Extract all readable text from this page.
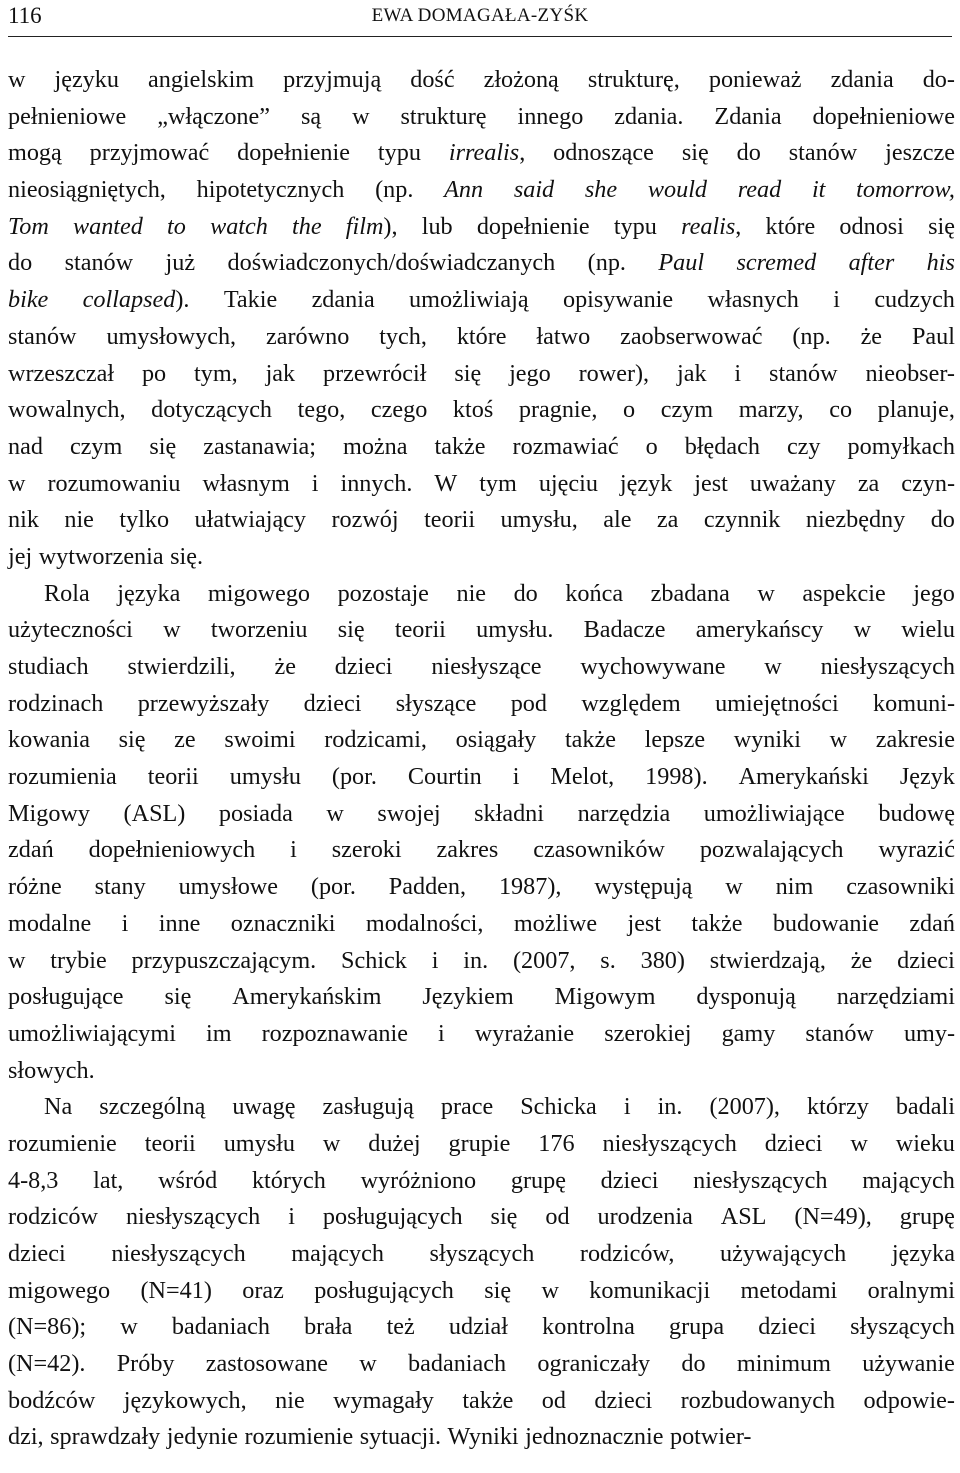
116	EWA DOMAGAŁA-ZYŚK
w języku angielskim przyjmują dość złożoną strukturę, ponieważ zdania do-
pełnieniowe „włączone” są w strukturę innego zdania. Zdania dopełnieniowe
mogą przyjmować dopełnienie typu irrealis, odnoszące się do stanów jeszcze
nieosiągniętych, hipotetycznych (np. Ann said she would read it tomorrow,
Tom wanted to watch the film), lub dopełnienie typu realis, które odnosi się
do stanów już doświadczonych/doświadczanych (np. Paul scremed after his
bike collapsed). Takie zdania umożliwiają opisywanie własnych i cudzych
stanów umysłowych, zarówno tych, które łatwo zaobserwować (np. że Paul
wrzeszczał po tym, jak przewrócił się jego rower), jak i stanów nieobser-
wowalnych, dotyczących tego, czego ktoś pragnie, o czym marzy, co planuje,
nad czym się zastanawia; można także rozmawiać o błędach czy pomyłkach
w rozumowaniu własnym i innych. W tym ujęciu język jest uważany za czyn-
nik nie tylko ułatwiający rozwój teorii umysłu, ale za czynnik niezbędny do
jej wytworzenia się.
Rola języka migowego pozostaje nie do końca zbadana w aspekcie jego
użyteczności w tworzeniu się teorii umysłu. Badacze amerykańscy w wielu
studiach stwierdzili, że dzieci niesłyszące wychowywane w niesłyszących
rodzinach przewyższały dzieci słyszące pod względem umiejętności komuni-
kowania się ze swoimi rodzicami, osiągały także lepsze wyniki w zakresie
rozumienia teorii umysłu (por. Courtin i Melot, 1998). Amerykański Język
Migowy (ASL) posiada w swojej składni narzędzia umożliwiające budowę
zdań dopełnieniowych i szeroki zakres czasowników pozwalających wyrazić
różne stany umysłowe (por. Padden, 1987), występują w nim czasowniki
modalne i inne oznaczniki modalności, możliwe jest także budowanie zdań
w trybie przypuszczającym. Schick i in. (2007, s. 380) stwierdzają, że dzieci
posługujące się Amerykańskim Językiem Migowym dysponują narzędziami
umożliwiającymi im rozpoznawanie i wyrażanie szerokiej gamy stanów umy-
słowych.
Na szczególną uwagę zasługują prace Schicka i in. (2007), którzy badali
rozumienie teorii umysłu w dużej grupie 176 niesłyszących dzieci w wieku
4-8,3 lat, wśród których wyróżniono grupę dzieci niesłyszących mających
rodziców niesłyszących i posługujących się od urodzenia ASL (N=49), grupę
dzieci niesłyszących mających słyszących rodziców, używających języka
migowego (N=41) oraz posługujących się w komunikacji metodami oralnymi
(N=86); w badaniach brała też udział kontrolna grupa dzieci słyszących
(N=42). Próby zastosowane w badaniach ograniczały do minimum używanie
bodźców językowych, nie wymagały także od dzieci rozbudowanych odpowie-
dzi, sprawdzały jedynie rozumienie sytuacji. Wyniki jednoznacznie potwier-
